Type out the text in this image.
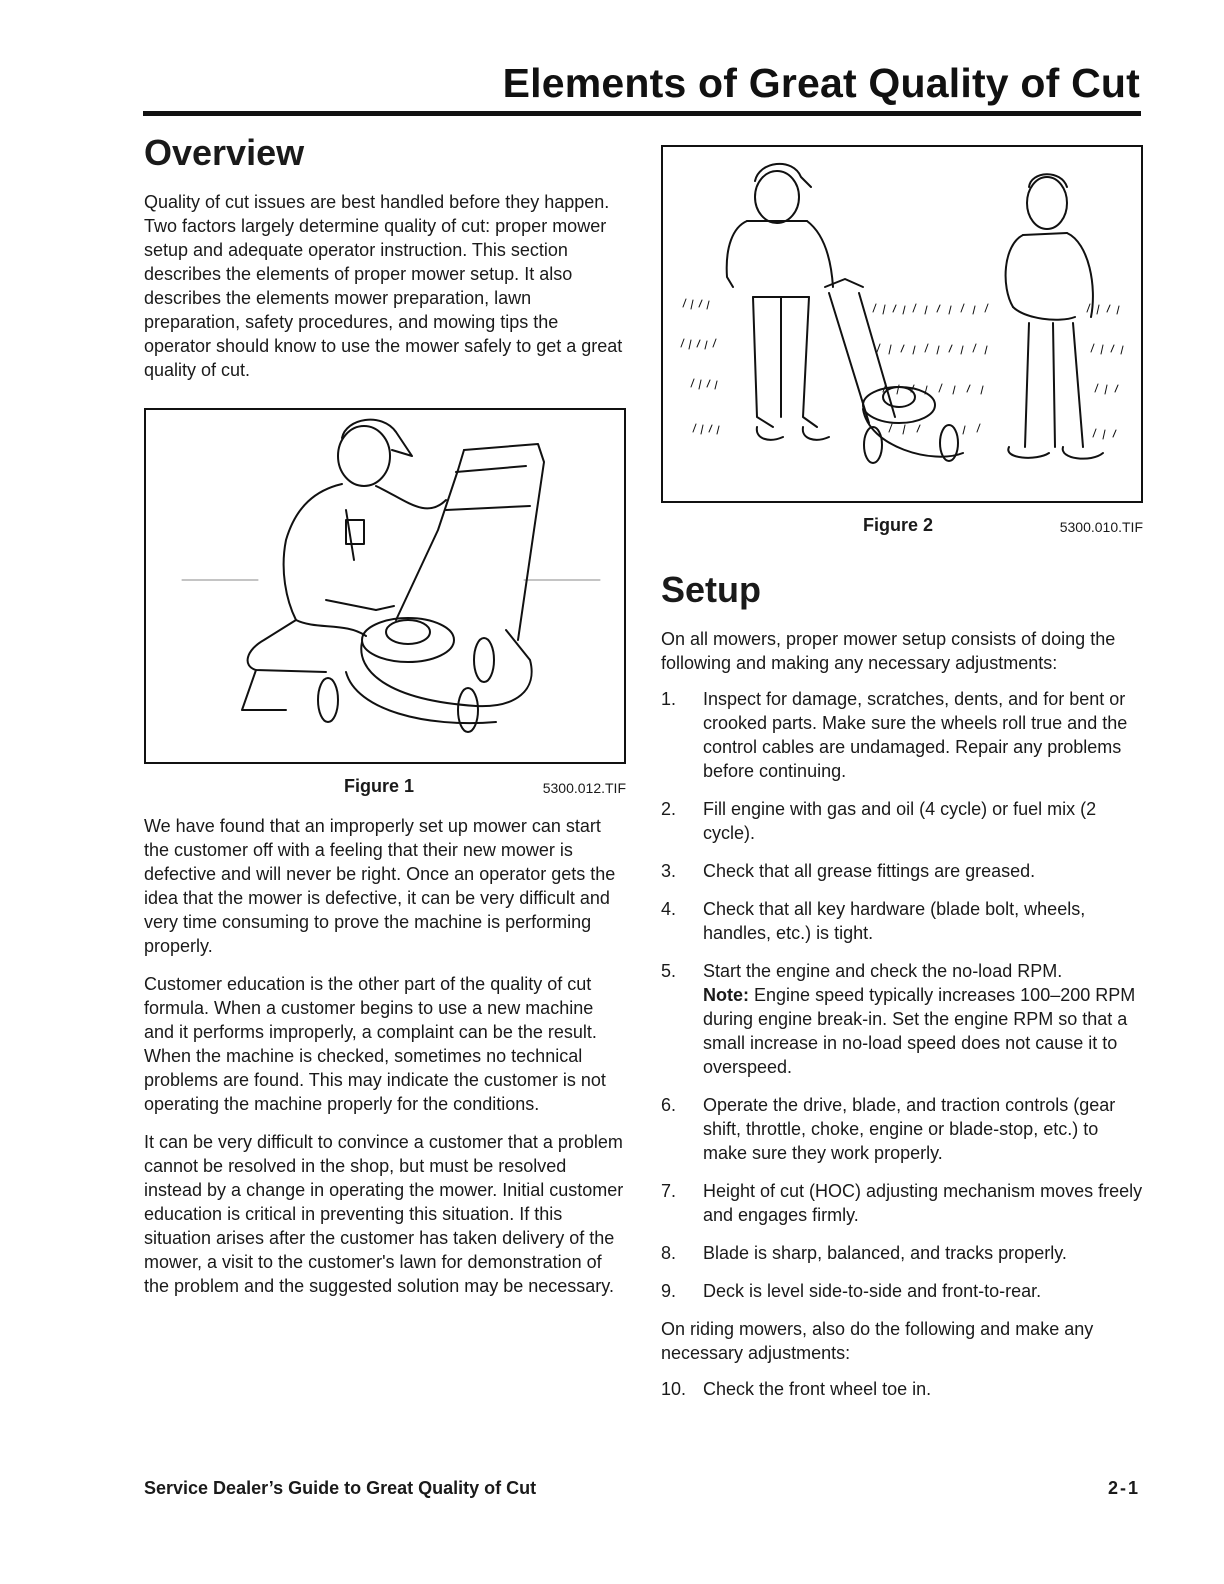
Elements of Great Quality of Cut
Overview

Quality of cut issues are best handled before they happen. Two factors largely determine quality of cut: proper mower setup and adequate operator instruction. This section describes the elements of proper mower setup. It also describes the elements mower preparation, lawn preparation, safety procedures, and mowing tips the operator should know to use the mower safely to get a great quality of cut.

Figure 1	5300.012.TIF

We have found that an improperly set up mower can start the customer off with a feeling that their new mower is defective and will never be right. Once an operator gets the idea that the mower is defective, it can be very difficult and very time consuming to prove the machine is performing properly.

Customer education is the other part of the quality of cut formula. When a customer begins to use a new machine and it performs improperly, a complaint can be the result. When the machine is checked, sometimes no technical problems are found. This may indicate the customer is not operating the machine properly for the conditions.

It can be very difficult to convince a customer that a problem cannot be resolved in the shop, but must be resolved instead by a change in operating the mower. Initial customer education is critical in preventing this situation. If this situation arises after the customer has taken delivery of the mower, a visit to the customer's lawn for demonstration of the problem and the suggested solution may be necessary.

Figure 2	5300.010.TIF
Setup

On all mowers, proper mower setup consists of doing the following and making any necessary adjustments:

1. Inspect for damage, scratches, dents, and for bent or crooked parts. Make sure the wheels roll true and the control cables are undamaged. Repair any problems before continuing.
2. Fill engine with gas and oil (4 cycle) or fuel mix (2 cycle).
3. Check that all grease fittings are greased.
4. Check that all key hardware (blade bolt, wheels, handles, etc.) is tight.
5. Start the engine and check the no-load RPM.
Note: Engine speed typically increases 100–200 RPM during engine break-in. Set the engine RPM so that a small increase in no-load speed does not cause it to overspeed.
6. Operate the drive, blade, and traction controls (gear shift, throttle, choke, engine or blade-stop, etc.) to make sure they work properly.
7. Height of cut (HOC) adjusting mechanism moves freely and engages firmly.
8. Blade is sharp, balanced, and tracks properly.
9. Deck is level side-to-side and front-to-rear.

On riding mowers, also do the following and make any necessary adjustments:

10. Check the front wheel toe in.
Service Dealer’s Guide to Great Quality of Cut	2-1
